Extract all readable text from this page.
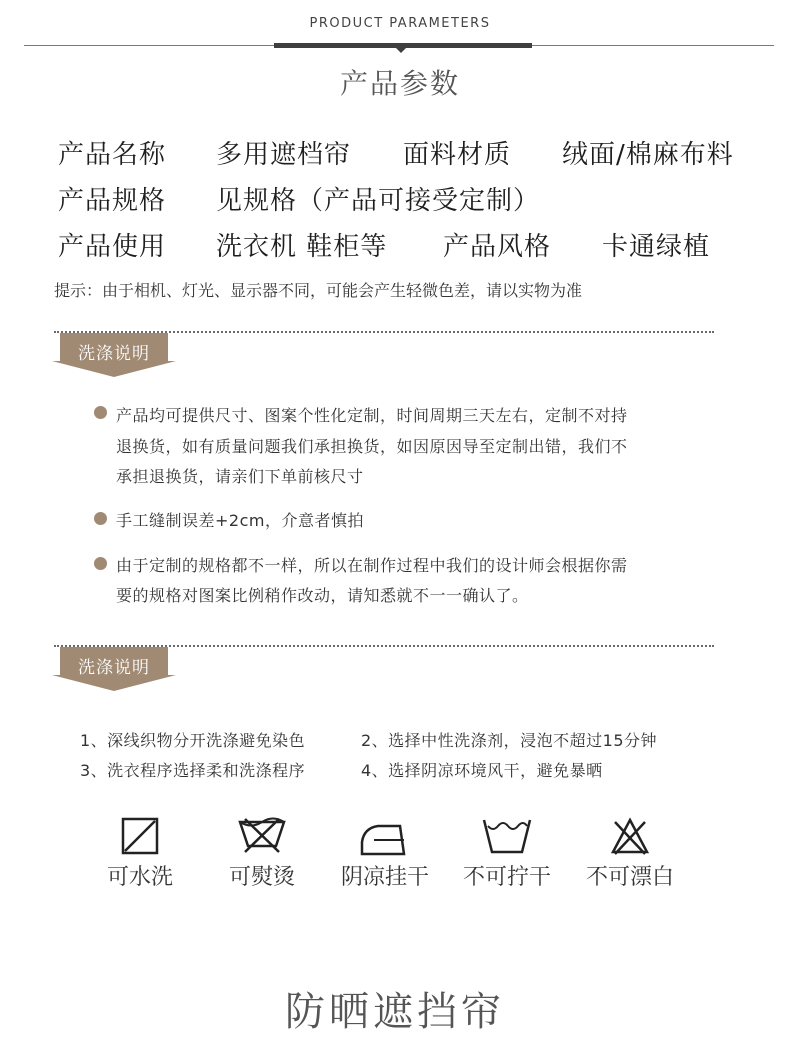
PRODUCT PARAMETERS
产品参数
产品名称 多用遮档帘 面料材质 绒面/棉麻布料
产品规格 见规格（产品可接受定制）
产品使用 洗衣机 鞋柜等 产品风格 卡通绿植
提示：由于相机、灯光、显示器不同，可能会产生轻微色差，请以实物为准
洗涤说明
产品均可提供尺寸、图案个性化定制，时间周期三天左右，定制不对持
退换货，如有质量问题我们承担换货，如因原因导至定制出错，我们不
承担退换货，请亲们下单前核尺寸
手工缝制误差+2cm，介意者慎拍
由于定制的规格都不一样，所以在制作过程中我们的设计师会根据你需
要的规格对图案比例稍作改动，请知悉就不一一确认了。
洗涤说明
1、深线织物分开洗涤避免染色	2、选择中性洗涤剂，浸泡不超过15分钟
3、洗衣程序选择柔和洗涤程序	4、选择阴凉环境风干，避免暴晒
可水洗	可熨烫	阴凉挂干	不可拧干	不可漂白
防晒遮挡帘
